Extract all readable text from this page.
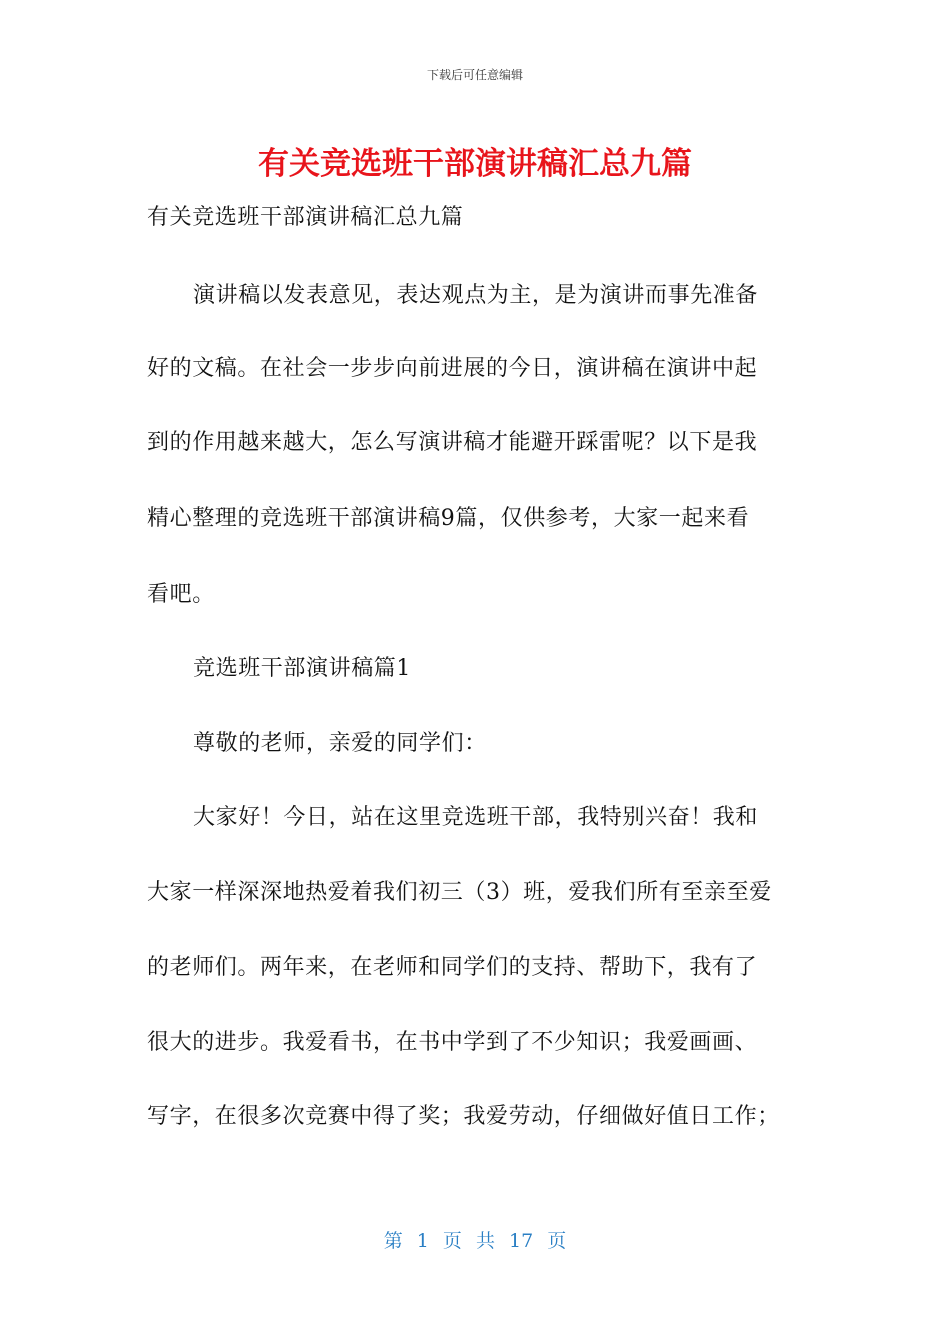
下载后可任意编辑
有关竞选班干部演讲稿汇总九篇
有关竞选班干部演讲稿汇总九篇
演讲稿以发表意见，表达观点为主，是为演讲而事先准备
好的文稿。在社会一步步向前进展的今日，演讲稿在演讲中起
到的作用越来越大，怎么写演讲稿才能避开踩雷呢？以下是我
精心整理的竞选班干部演讲稿9篇，仅供参考，大家一起来看
看吧。
竞选班干部演讲稿篇1
尊敬的老师，亲爱的同学们：
大家好！今日，站在这里竞选班干部，我特别兴奋！我和
大家一样深深地热爱着我们初三（3）班，爱我们所有至亲至爱
的老师们。两年来，在老师和同学们的支持、帮助下，我有了
很大的进步。我爱看书，在书中学到了不少知识；我爱画画、
写字，在很多次竞赛中得了奖；我爱劳动，仔细做好值日工作；
第 1 页 共 17 页
